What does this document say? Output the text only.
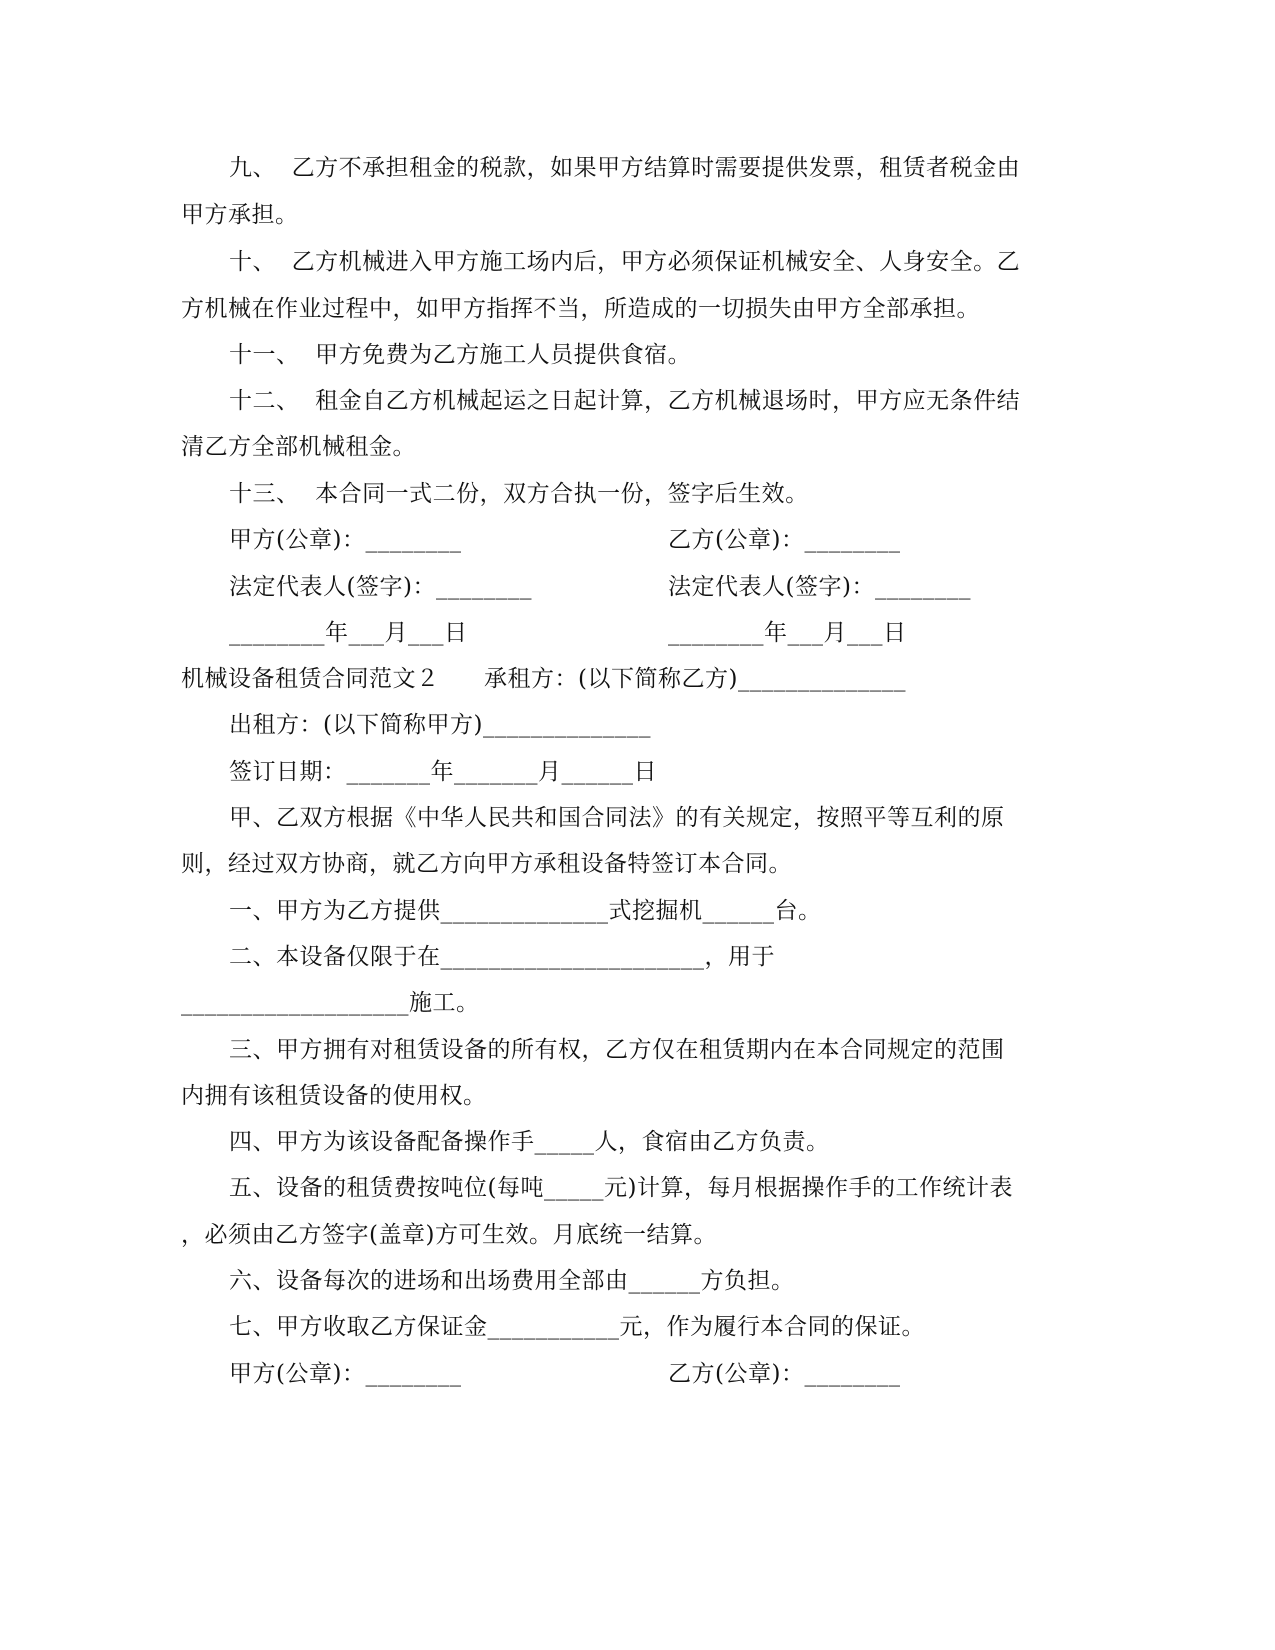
九、  乙方不承担租金的税款，如果甲方结算时需要提供发票，租赁者税金由
甲方承担。
十、  乙方机械进入甲方施工场内后，甲方必须保证机械安全、人身安全。乙
方机械在作业过程中，如甲方指挥不当，所造成的一切损失由甲方全部承担。
十一、  甲方免费为乙方施工人员提供食宿。
十二、  租金自乙方机械起运之日起计算，乙方机械退场时，甲方应无条件结
清乙方全部机械租金。
十三、  本合同一式二份，双方合执一份，签字后生效。
甲方(公章)：________	乙方(公章)：________
法定代表人(签字)：________	法定代表人(签字)：________
________年___月___日	________年___月___日
机械设备租赁合同范文２ 承租方：(以下简称乙方)______________
出租方：(以下简称甲方)______________
签订日期：_______年_______月______日
甲、乙双方根据《中华人民共和国合同法》的有关规定，按照平等互利的原
则，经过双方协商，就乙方向甲方承租设备特签订本合同。
一、甲方为乙方提供______________式挖掘机______台。
二、本设备仅限于在______________________，用于
___________________施工。
三、甲方拥有对租赁设备的所有权，乙方仅在租赁期内在本合同规定的范围
内拥有该租赁设备的使用权。
四、甲方为该设备配备操作手_____人，食宿由乙方负责。
五、设备的租赁费按吨位(每吨_____元)计算，每月根据操作手的工作统计表
，必须由乙方签字(盖章)方可生效。月底统一结算。
六、设备每次的进场和出场费用全部由______方负担。
七、甲方收取乙方保证金___________元，作为履行本合同的保证。
甲方(公章)：________	乙方(公章)：________
